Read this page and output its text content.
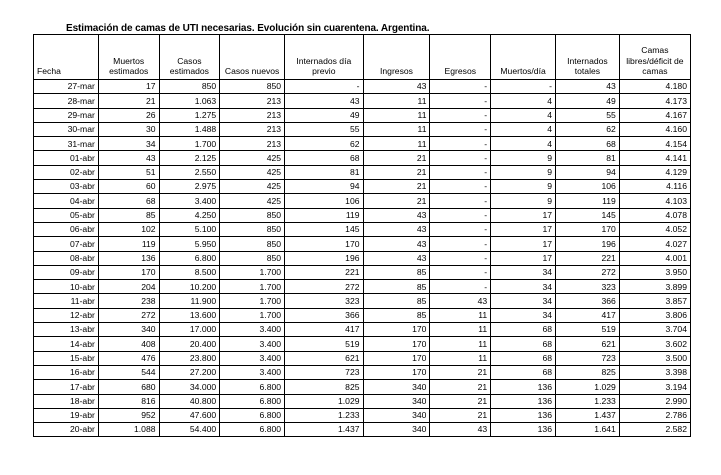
Estimación de camas de UTI necesarias. Evolución sin cuarentena. Argentina.
Fecha	Muertos estimados	Casos estimados	Casos nuevos	Internados día previo	Ingresos	Egresos	Muertos/día	Internados totales	Camas libres/déficit de camas
27-mar	17	850	850	-	43	-	-	43	4.180
28-mar	21	1.063	213	43	11	-	4	49	4.173
29-mar	26	1.275	213	49	11	-	4	55	4.167
30-mar	30	1.488	213	55	11	-	4	62	4.160
31-mar	34	1.700	213	62	11	-	4	68	4.154
01-abr	43	2.125	425	68	21	-	9	81	4.141
02-abr	51	2.550	425	81	21	-	9	94	4.129
03-abr	60	2.975	425	94	21	-	9	106	4.116
04-abr	68	3.400	425	106	21	-	9	119	4.103
05-abr	85	4.250	850	119	43	-	17	145	4.078
06-abr	102	5.100	850	145	43	-	17	170	4.052
07-abr	119	5.950	850	170	43	-	17	196	4.027
08-abr	136	6.800	850	196	43	-	17	221	4.001
09-abr	170	8.500	1.700	221	85	-	34	272	3.950
10-abr	204	10.200	1.700	272	85	-	34	323	3.899
11-abr	238	11.900	1.700	323	85	43	34	366	3.857
12-abr	272	13.600	1.700	366	85	11	34	417	3.806
13-abr	340	17.000	3.400	417	170	11	68	519	3.704
14-abr	408	20.400	3.400	519	170	11	68	621	3.602
15-abr	476	23.800	3.400	621	170	11	68	723	3.500
16-abr	544	27.200	3.400	723	170	21	68	825	3.398
17-abr	680	34.000	6.800	825	340	21	136	1.029	3.194
18-abr	816	40.800	6.800	1.029	340	21	136	1.233	2.990
19-abr	952	47.600	6.800	1.233	340	21	136	1.437	2.786
20-abr	1.088	54.400	6.800	1.437	340	43	136	1.641	2.582
